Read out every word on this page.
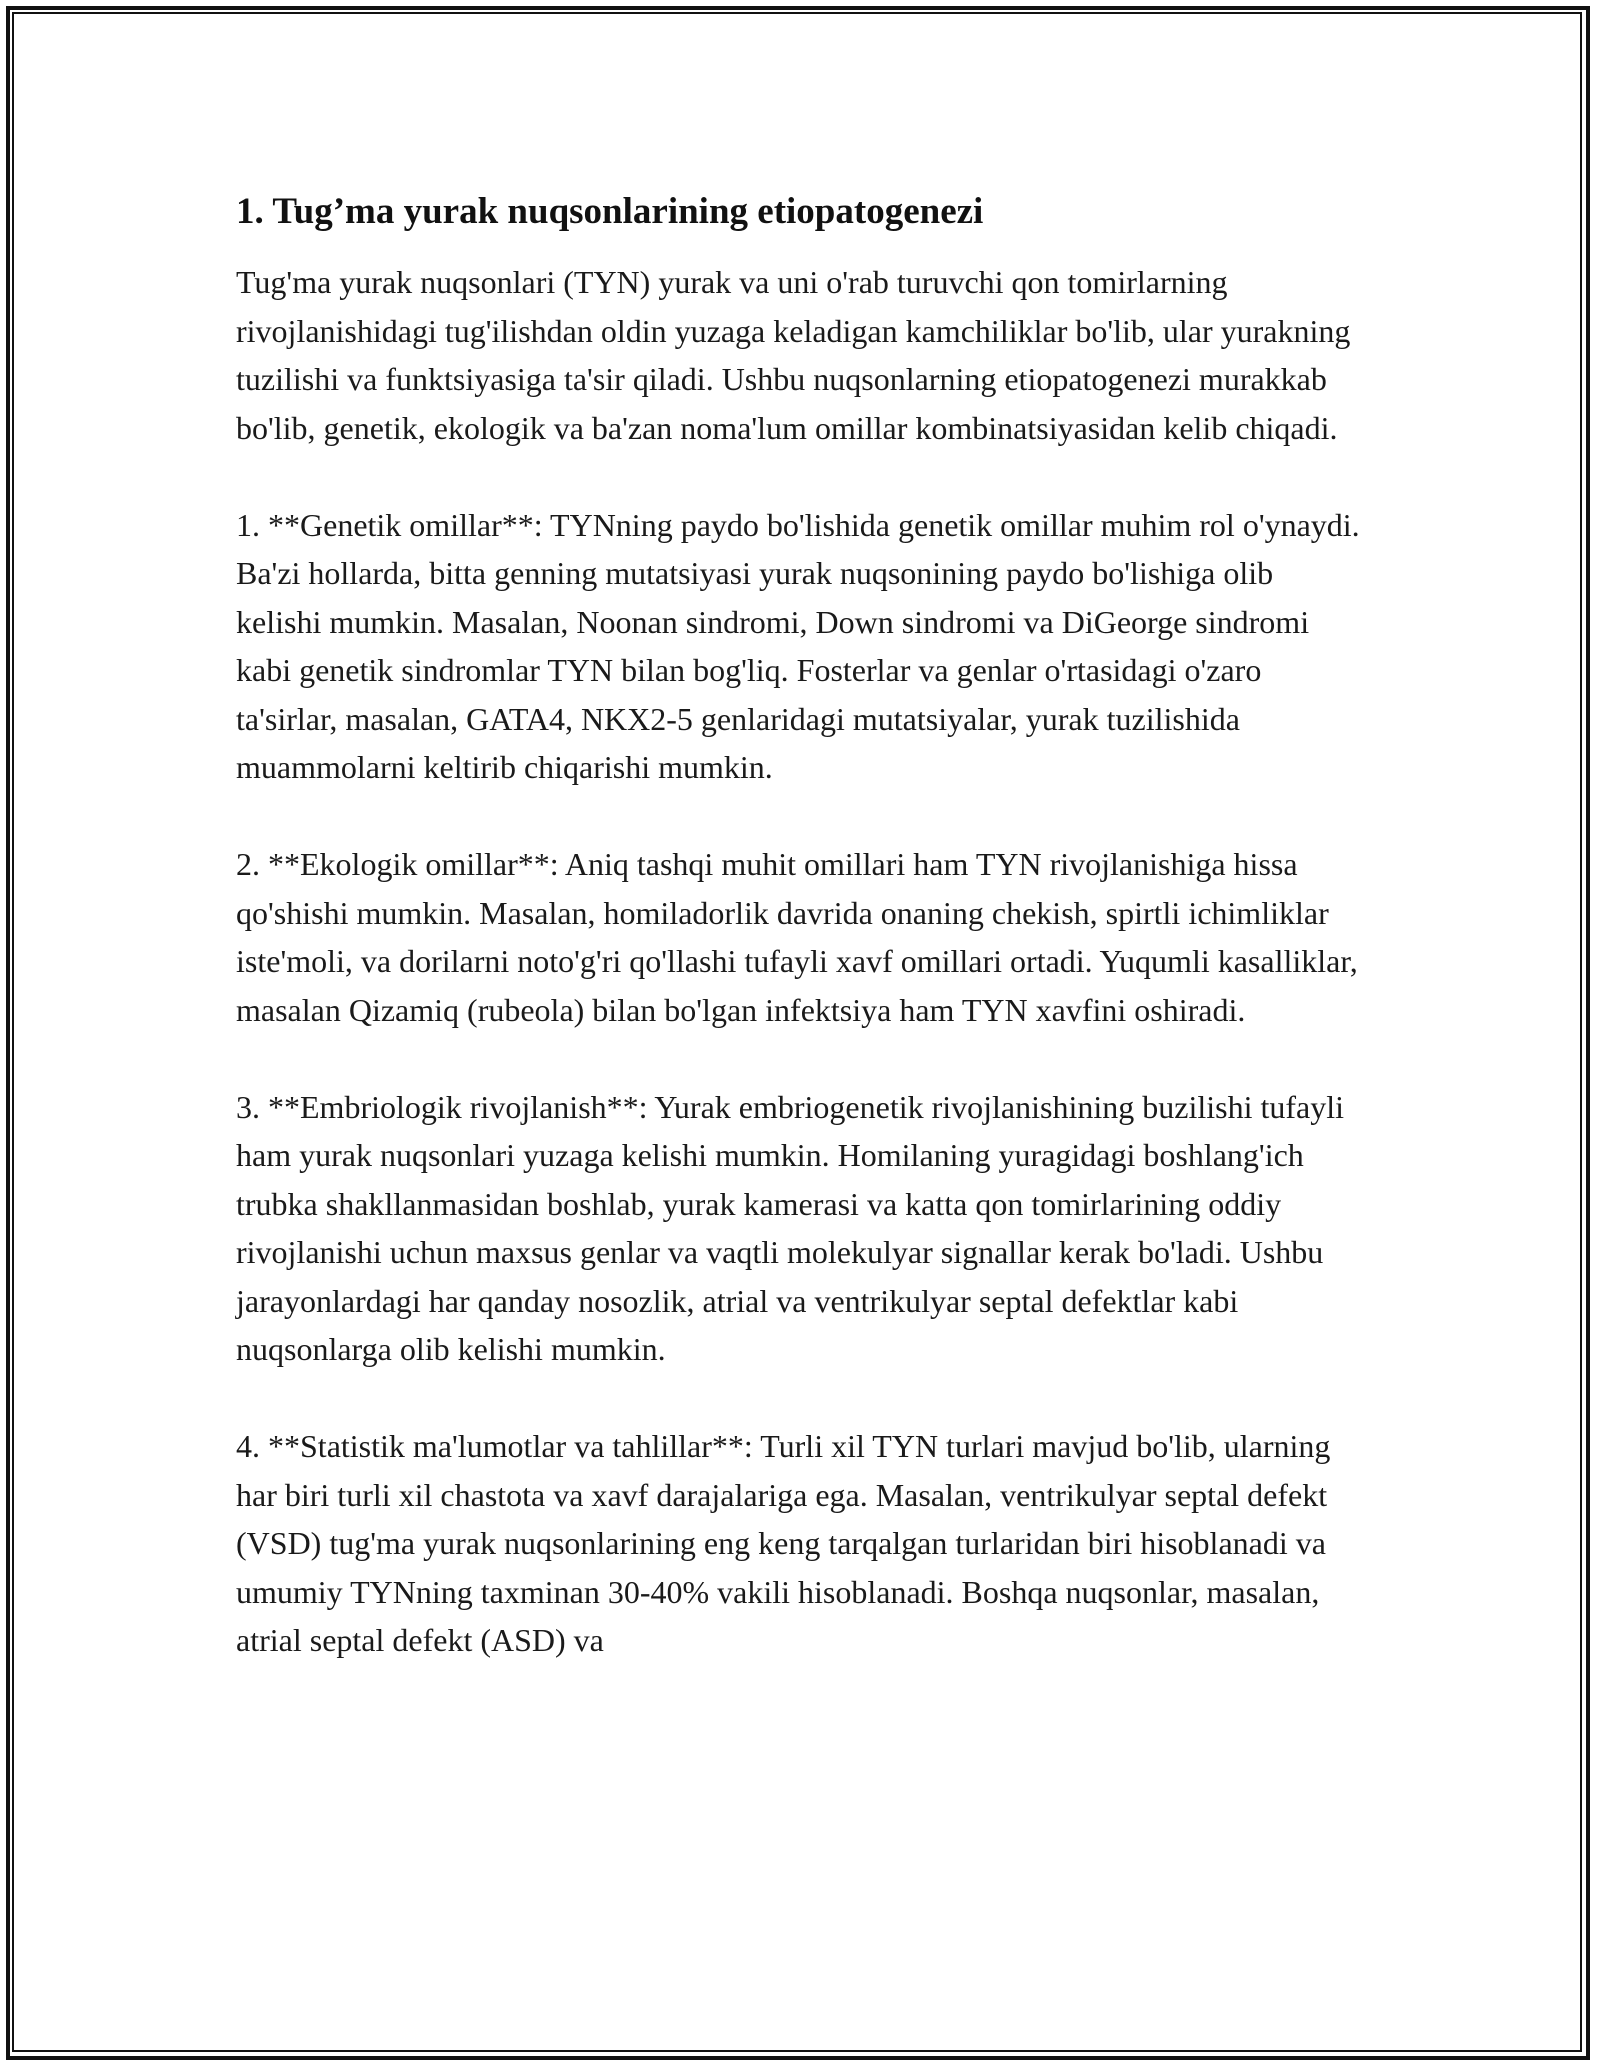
1. Tug’ma yurak nuqsonlarining etiopatogenezi

Tug'ma yurak nuqsonlari (TYN) yurak va uni o'rab turuvchi qon tomirlarning rivojlanishidagi tug'ilishdan oldin yuzaga keladigan kamchiliklar bo'lib, ular yurakning tuzilishi va funktsiyasiga ta'sir qiladi. Ushbu nuqsonlarning etiopatogenezi murakkab bo'lib, genetik, ekologik va ba'zan noma'lum omillar kombinatsiyasidan kelib chiqadi.

1. **Genetik omillar**: TYNning paydo bo'lishida genetik omillar muhim rol o'ynaydi. Ba'zi hollarda, bitta genning mutatsiyasi yurak nuqsonining paydo bo'lishiga olib kelishi mumkin. Masalan, Noonan sindromi, Down sindromi va DiGeorge sindromi kabi genetik sindromlar TYN bilan bog'liq. Fosterlar va genlar o'rtasidagi o'zaro ta'sirlar, masalan, GATA4, NKX2-5 genlaridagi mutatsiyalar, yurak tuzilishida muammolarni keltirib chiqarishi mumkin.

2. **Ekologik omillar**: Aniq tashqi muhit omillari ham TYN rivojlanishiga hissa qo'shishi mumkin. Masalan, homiladorlik davrida onaning chekish, spirtli ichimliklar iste'moli, va dorilarni noto'g'ri qo'llashi tufayli xavf omillari ortadi. Yuqumli kasalliklar, masalan Qizamiq (rubeola) bilan bo'lgan infektsiya ham TYN xavfini oshiradi.

3. **Embriologik rivojlanish**: Yurak embriogenetik rivojlanishining buzilishi tufayli ham yurak nuqsonlari yuzaga kelishi mumkin. Homilaning yuragidagi boshlang'ich trubka shakllanmasidan boshlab, yurak kamerasi va katta qon tomirlarining oddiy rivojlanishi uchun maxsus genlar va vaqtli molekulyar signallar kerak bo'ladi. Ushbu jarayonlardagi har qanday nosozlik, atrial va ventrikulyar septal defektlar kabi nuqsonlarga olib kelishi mumkin.

4. **Statistik ma'lumotlar va tahlillar**: Turli xil TYN turlari mavjud bo'lib, ularning har biri turli xil chastota va xavf darajalariga ega. Masalan, ventrikulyar septal defekt (VSD) tug'ma yurak nuqsonlarining eng keng tarqalgan turlaridan biri hisoblanadi va umumiy TYNning taxminan 30-40% vakili hisoblanadi. Boshqa nuqsonlar, masalan, atrial septal defekt (ASD) va
